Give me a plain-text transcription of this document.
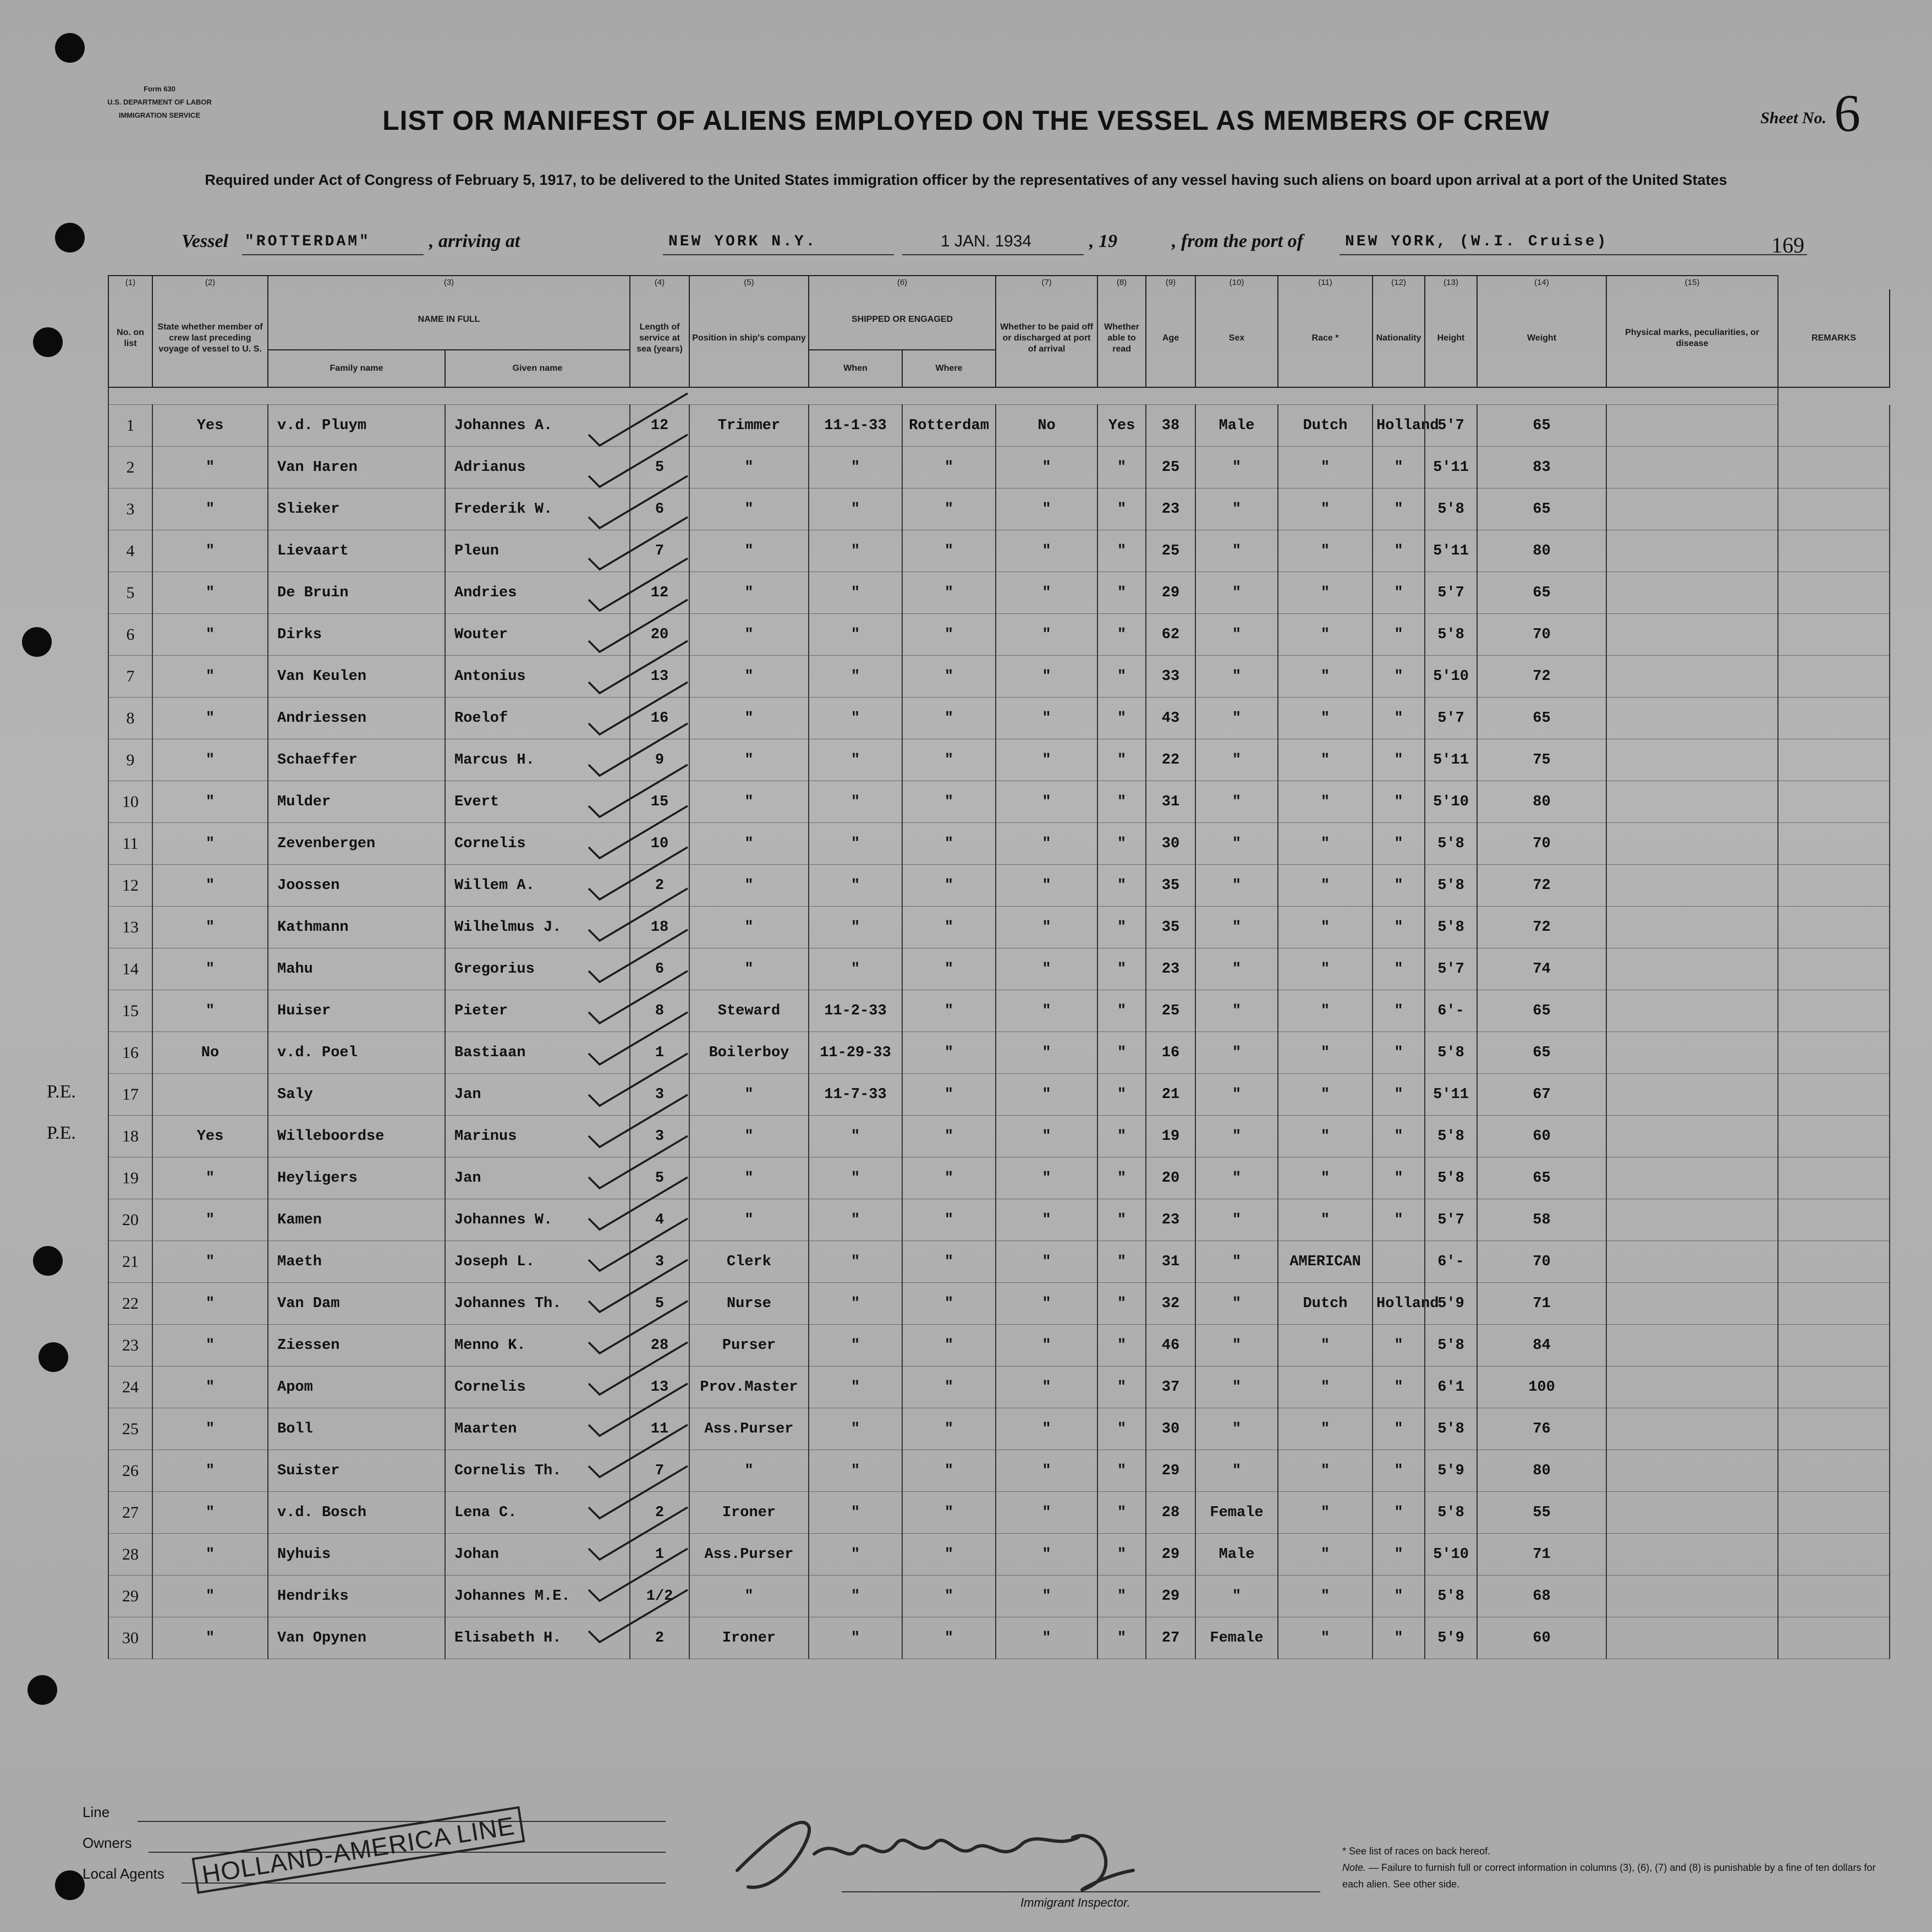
Form 630
U.S. DEPARTMENT OF LABOR
IMMIGRATION SERVICE	Sheet No. 6
LIST OR MANIFEST OF ALIENS EMPLOYED ON THE VESSEL AS MEMBERS OF CREW
Required under Act of Congress of February 5, 1917, to be delivered to the United States immigration officer by the representatives of any vessel having such aliens on board upon arrival at a port of the United States
Vessel "ROTTERDAM"	, arriving at	NEW YORK N.Y.	1 JAN. 1934	, 19	, from the port of	NEW YORK, (W.I. Cruise)	169
(1)	(2)	(3)		(4)	(5)	(6)		(7)	(8)	(9)	(10)	(11)	(12)	(13)	(14)	(15)	
No. on list	State whether member of crew last preceding voyage of vessel to U. S.	NAME IN FULL		Length of service at sea (years)	Position in ship's company	SHIPPED OR ENGAGED		Whether to be paid off or discharged at port of arrival	Whether able to read	Age	Sex	Race *	Nationality	Height	Weight	Physical marks, peculiarities, or disease	REMARKS
		Family name	Given name			When	Where										

1	Yes	v.d. Pluym	Johannes A.	12	Trimmer	11-1-33	Rotterdam	No	Yes	38	Male	Dutch	Holland	5'7	65		
2	"	Van Haren	Adrianus	5	"	"	"	"	"	25	"	"	"	5'11	83		
3	"	Slieker	Frederik W.	6	"	"	"	"	"	23	"	"	"	5'8	65		
4	"	Lievaart	Pleun	7	"	"	"	"	"	25	"	"	"	5'11	80		
5	"	De Bruin	Andries	12	"	"	"	"	"	29	"	"	"	5'7	65		
6	"	Dirks	Wouter	20	"	"	"	"	"	62	"	"	"	5'8	70		
7	"	Van Keulen	Antonius	13	"	"	"	"	"	33	"	"	"	5'10	72		
8	"	Andriessen	Roelof	16	"	"	"	"	"	43	"	"	"	5'7	65		
9	"	Schaeffer	Marcus H.	9	"	"	"	"	"	22	"	"	"	5'11	75		
10	"	Mulder	Evert	15	"	"	"	"	"	31	"	"	"	5'10	80		
11	"	Zevenbergen	Cornelis	10	"	"	"	"	"	30	"	"	"	5'8	70		
12	"	Joossen	Willem A.	2	"	"	"	"	"	35	"	"	"	5'8	72		
13	"	Kathmann	Wilhelmus J.	18	"	"	"	"	"	35	"	"	"	5'8	72		
14	"	Mahu	Gregorius	6	"	"	"	"	"	23	"	"	"	5'7	74		
15	"	Huiser	Pieter	8	Steward	11-2-33	"	"	"	25	"	"	"	6'-	65		
16	No	v.d. Poel	Bastiaan	1	Boilerboy	11-29-33	"	"	"	16	"	"	"	5'8	65		
17		Saly	Jan	3	"	11-7-33	"	"	"	21	"	"	"	5'11	67		
18	Yes	Willeboordse	Marinus	3	"	"	"	"	"	19	"	"	"	5'8	60		
19	"	Heyligers	Jan	5	"	"	"	"	"	20	"	"	"	5'8	65		
20	"	Kamen	Johannes W.	4	"	"	"	"	"	23	"	"	"	5'7	58		
21	"	Maeth	Joseph L.	3	Clerk	"	"	"	"	31	"	AMERICAN		6'-	70		
22	"	Van Dam	Johannes Th.	5	Nurse	"	"	"	"	32	"	Dutch	Holland	5'9	71		
23	"	Ziessen	Menno K.	28	Purser	"	"	"	"	46	"	"	"	5'8	84		
24	"	Apom	Cornelis	13	Prov.Master	"	"	"	"	37	"	"	"	6'1	100		
25	"	Boll	Maarten	11	Ass.Purser	"	"	"	"	30	"	"	"	5'8	76		
26	"	Suister	Cornelis Th.	7	"	"	"	"	"	29	"	"	"	5'9	80		
27	"	v.d. Bosch	Lena C.	2	Ironer	"	"	"	"	28	Female	"	"	5'8	55		
28	"	Nyhuis	Johan	1	Ass.Purser	"	"	"	"	29	Male	"	"	5'10	71		
29	"	Hendriks	Johannes M.E.	1/2	"	"	"	"	"	29	"	"	"	5'8	68		
30	"	Van Opynen	Elisabeth H.	2	Ironer	"	"	"	"	27	Female	"	"	5'9	60		
P.E.
P.E.
Line
Owners
Local Agents	HOLLAND-AMERICA LINE
Immigrant Inspector.
* See list of races on back hereof.
Note. — Failure to furnish full or correct information in columns (3), (6), (7) and (8) is punishable by a fine of ten dollars for each alien. See other side.
